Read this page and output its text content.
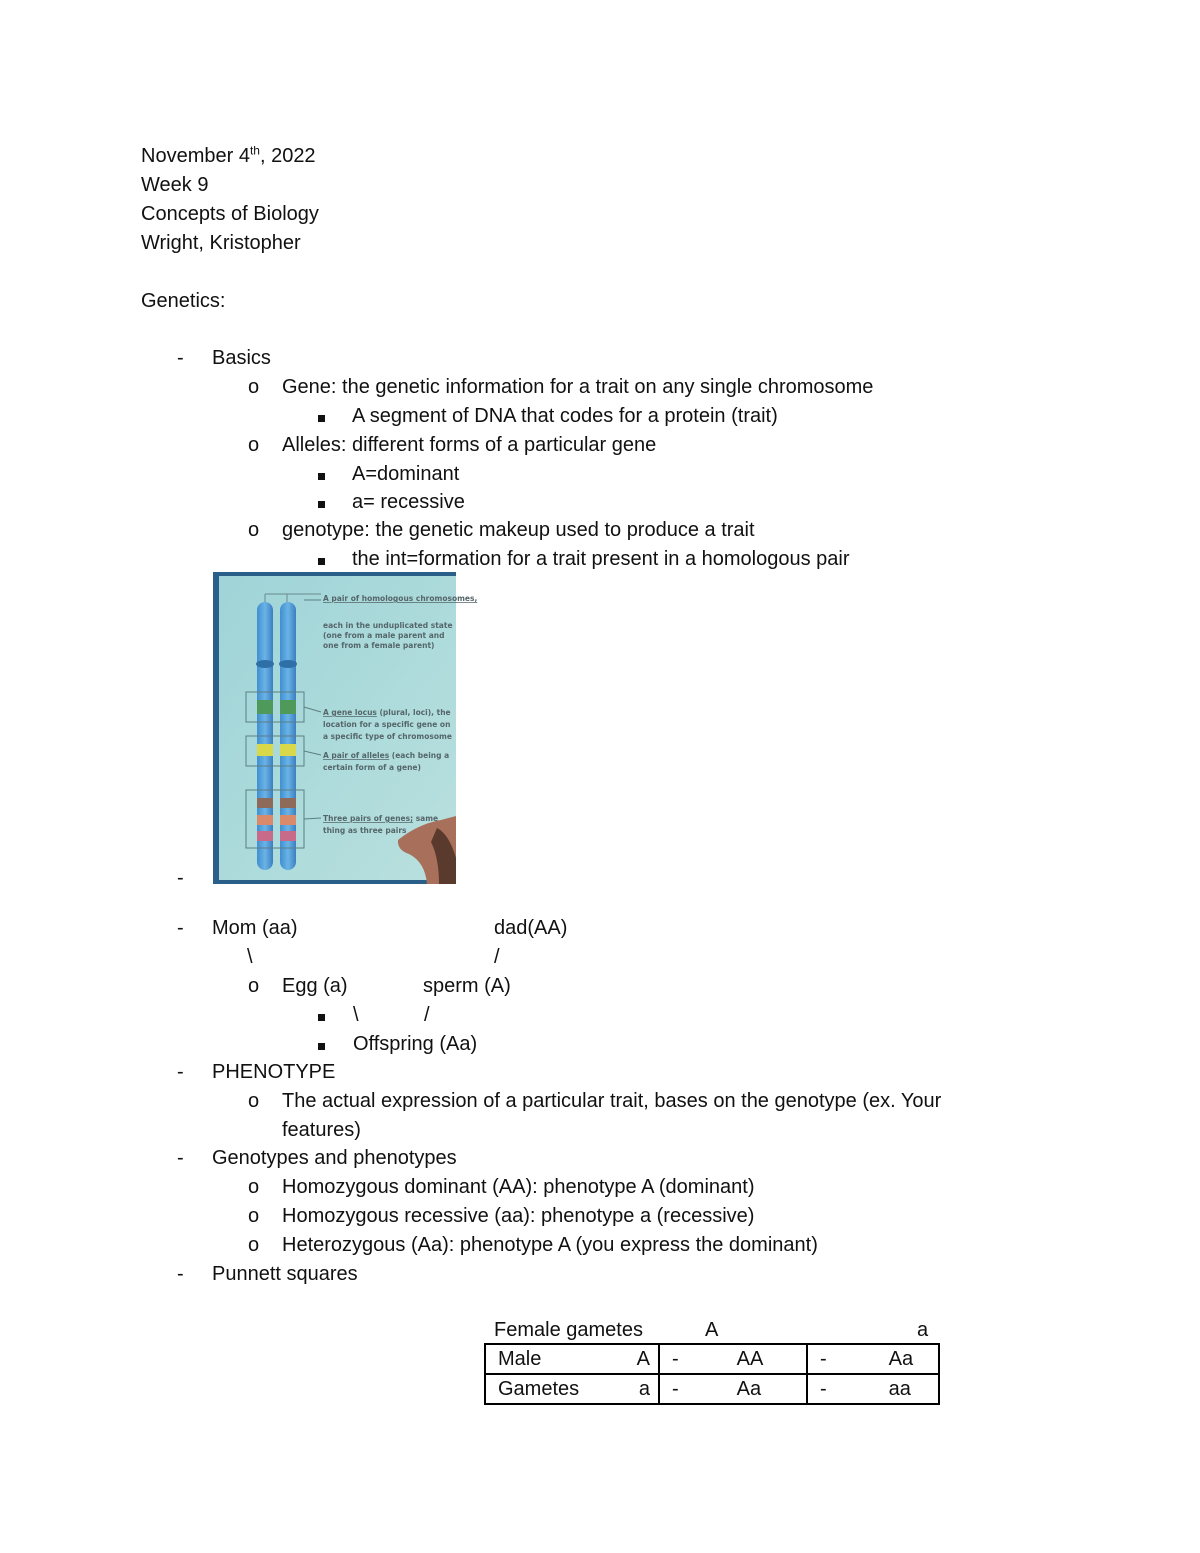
November 4th, 2022
Week 9
Concepts of Biology
Wright, Kristopher
Genetics:
- Basics
o Gene: the genetic information for a trait on any single chromosome
A segment of DNA that codes for a protein (trait)
o Alleles: different forms of a particular gene
A=dominant
a= recessive
o genotype: the genetic makeup used to produce a trait
the int=formation for a trait present in a homologous pair
A pair of homologous chromosomes,
each in the unduplicated state
(one from a male parent and
one from a female parent)
A gene locus (plural, loci), the
location for a specific gene on
a specific type of chromosome
A pair of alleles (each being a
certain form of a gene)
Three pairs of genes; same
thing as three pairs
-
- Mom (aa)	dad(AA)
\	/
o Egg (a)	sperm (A)
\	/
Offspring (Aa)
- PHENOTYPE
o The actual expression of a particular trait, bases on the genotype (ex. Your
features)
- Genotypes and phenotypes
o Homozygous dominant (AA): phenotype A (dominant)
o Homozygous recessive (aa): phenotype a (recessive)
o Heterozygous (Aa): phenotype A (you express the dominant)
- Punnett squares
Female gametes	A	a
Male A	- AA	- Aa

Gametes a	- Aa	- aa
